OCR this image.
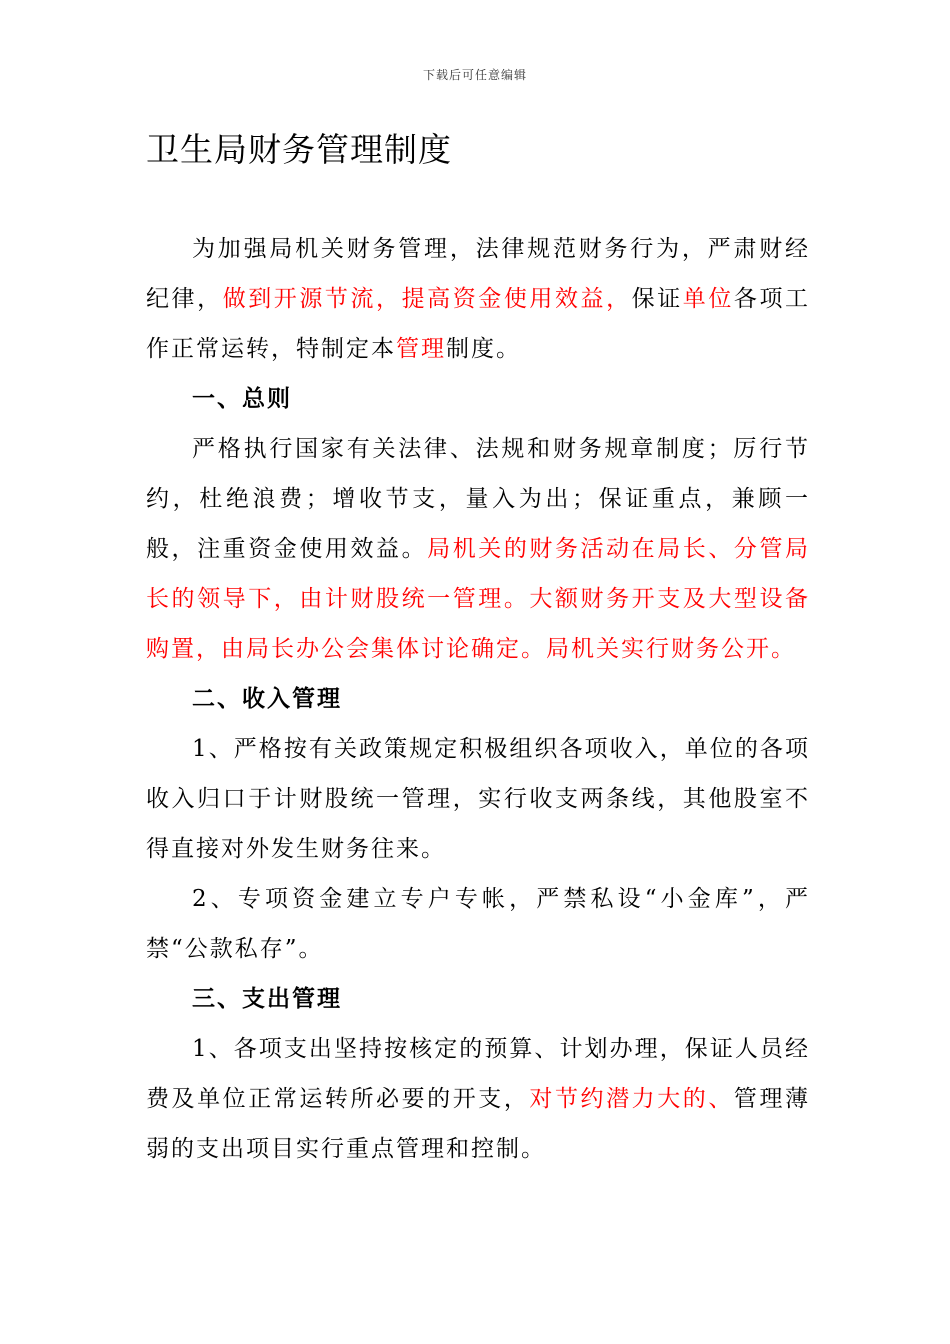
下载后可任意编辑
卫生局财务管理制度

为加强局机关财务管理，法律规范财务行为，严肃财经纪律，做到开源节流，提高资金使用效益，保证单位各项工作正常运转，特制定本管理制度。

一、总则

严格执行国家有关法律、法规和财务规章制度；厉行节约，杜绝浪费；增收节支，量入为出；保证重点，兼顾一般，注重资金使用效益。局机关的财务活动在局长、分管局长的领导下，由计财股统一管理。大额财务开支及大型设备购置，由局长办公会集体讨论确定。局机关实行财务公开。

二、收入管理

1、严格按有关政策规定积极组织各项收入，单位的各项收入归口于计财股统一管理，实行收支两条线，其他股室不得直接对外发生财务往来。

2、专项资金建立专户专帐，严禁私设“小金库”，严禁“公款私存”。

三、支出管理

1、各项支出坚持按核定的预算、计划办理，保证人员经费及单位正常运转所必要的开支，对节约潜力大的、管理薄弱的支出项目实行重点管理和控制。
